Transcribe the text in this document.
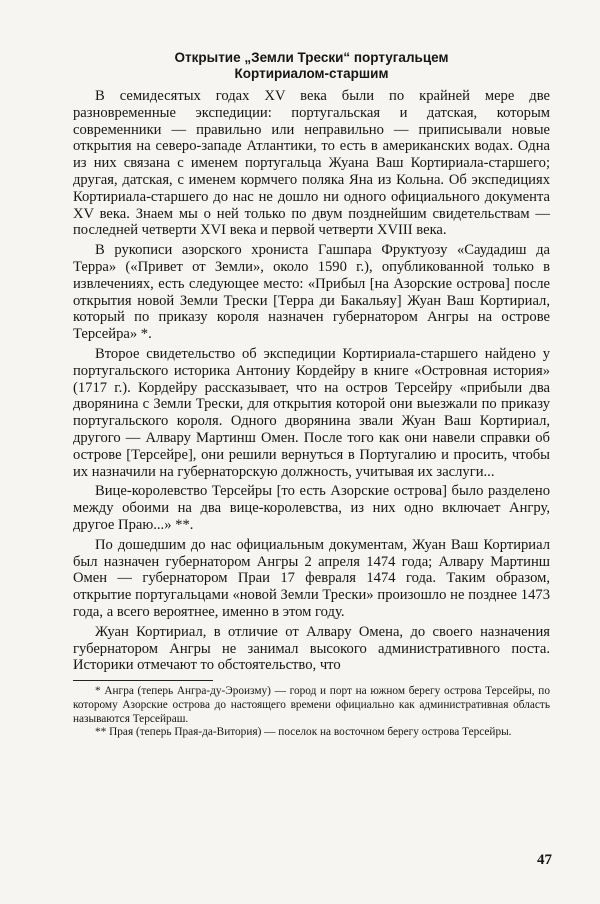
Открытие „Земли Трески“ португальцем
Кортириалом-старшим

В семидесятых годах XV века были по крайней мере две разновременные экспедиции: португальская и датская, которым современники — правильно или неправильно — приписывали новые открытия на северо-западе Атлантики, то есть в американских водах. Одна из них связана с именем португальца Жуана Ваш Кортириала-старшего; другая, датская, с именем кормчего поляка Яна из Кольна. Об экспедициях Кортириала-старшего до нас не дошло ни одного официального документа XV века. Знаем мы о ней только по двум позднейшим свидетельствам — последней четверти XVI века и первой четверти XVIII века.

В рукописи азорского хрониста Гашпара Фруктуозу «Саудадиш да Терра» («Привет от Земли», около 1590 г.), опубликованной только в извлечениях, есть следующее место: «Прибыл [на Азорские острова] после открытия новой Земли Трески [Терра ди Бакальяу] Жуан Ваш Кортириал, который по приказу короля назначен губернатором Ангры на острове Терсейра» *.

Второе свидетельство об экспедиции Кортириала-старшего найдено у португальского историка Антониу Кордейру в книге «Островная история» (1717 г.). Кордейру рассказывает, что на остров Терсейру «прибыли два дворянина с Земли Трески, для открытия которой они выезжали по приказу португальского короля. Одного дворянина звали Жуан Ваш Кортириал, другого — Алвару Мартинш Омен. После того как они навели справки об острове [Терсейре], они решили вернуться в Португалию и просить, чтобы их назначили на губернаторскую должность, учитывая их заслуги...

Вице-королевство Терсейры [то есть Азорские острова] было разделено между обоими на два вице-королевства, из них одно включает Ангру, другое Праю...» **.

По дошедшим до нас официальным документам, Жуан Ваш Кортириал был назначен губернатором Ангры 2 апреля 1474 года; Алвару Мартинш Омен — губернатором Праи 17 февраля 1474 года. Таким образом, открытие португальцами «новой Земли Трески» произошло не позднее 1473 года, а всего вероятнее, именно в этом году.

Жуан Кортириал, в отличие от Алвару Омена, до своего назначения губернатором Ангры не занимал высокого административного поста. Историки отмечают то обстоятельство, что

* Ангра (теперь Ангра-ду-Эроизму) — город и порт на южном берегу острова Терсейры, по которому Азорские острова до настоящего времени официально как административная область называются Терсейраш.

** Прая (теперь Прая-да-Витория) — поселок на восточном берегу острова Терсейры.

47
